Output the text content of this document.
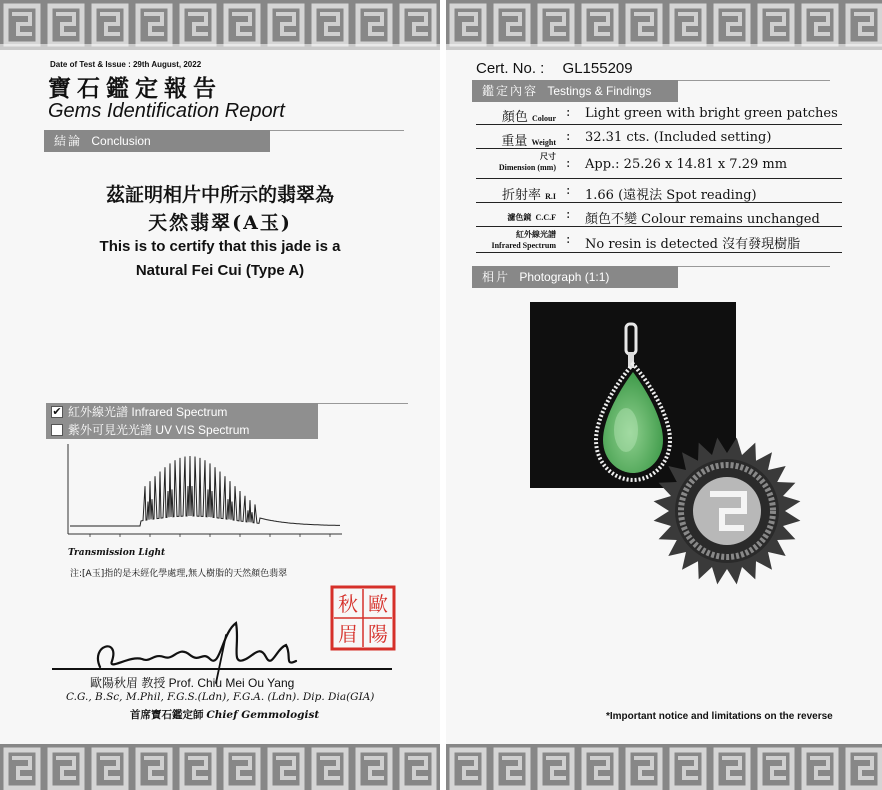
Date of Test & Issue : 29th August, 2022
寶石鑑定報告
Gems Identification Report
結論 Conclusion
茲証明相片中所示的翡翠為
天然翡翠(A玉)
This is to certify that this jade is a
Natural Fei Cui (Type A)
✔ 紅外線光譜 Infrared Spectrum
紫外可見光光譜 UV VIS Spectrum
Transmission Light
注:[A玉]指的是未經化學處理,無人樹脂的天然顏色翡翠
歐
陽
秋
眉
歐陽秋眉 教授 Prof. Chiu Mei Ou Yang
C.G., B.Sc, M.Phil, F.G.S.(Ldn), F.G.A. (Ldn). Dip. Dia(GIA)
首席寶石鑑定師 Chief Gemmologist
Cert. No. : GL155209
鑑定內容 Testings & Findings
顏色 Colour : Light green with bright green patches
重量 Weight : 32.31 cts. (Included setting)
尺寸
Dimension (mm) : App.: 25.26 x 14.81 x 7.29 mm
折射率 R.I : 1.66 (遠視法 Spot reading)
濾色鏡 C.C.F : 顏色不變 Colour remains unchanged
紅外線光譜
Infrared Spectrum : No resin is detected 沒有發現樹脂
相片 Photograph (1:1)
*Important notice and limitations on the reverse
